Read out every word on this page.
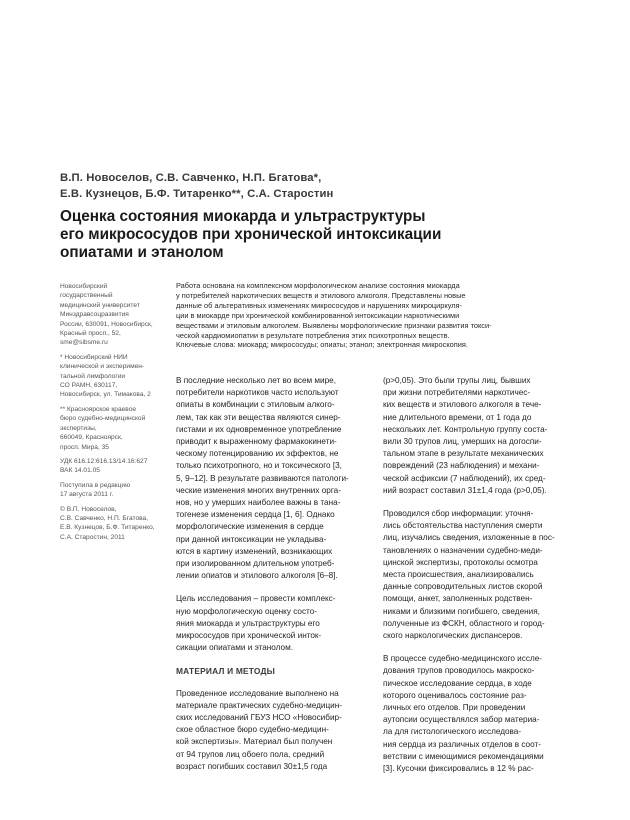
В.П. Новоселов, С.В. Савченко, Н.П. Бгатова*,
Е.В. Кузнецов, Б.Ф. Титаренко**, С.А. Старостин
Оценка состояния миокарда и ультраструктуры
его микрососудов при хронической интоксикации
опиатами и этанолом
Новосибирский
государственный
медицинский университет
Минздравсоцразвития
России, 630091, Новосибирск,
Красный просп., 52,
sme@sibsme.ru
* Новосибирский НИИ
клинической и эксперимен-
тальной лимфологии
СО РАМН, 630117,
Новосибирск, ул. Тимакова, 2
** Красноярское краевое
бюро судебно-медицинской
экспертизы,
660049, Красноярск,
просп. Мира, 35
УДК 616.12:616.13/14.16:627
ВАК 14.01.05
Поступила в редакцию
17 августа 2011 г.
© В.П. Новоселов,
С.В. Савченко, Н.П. Бгатова,
Е.В. Кузнецов, Б.Ф. Титаренко,
С.А. Старостин, 2011
Работа основана на комплексном морфологическом анализе состояния миокарда
у потребителей наркотических веществ и этилового алкоголя. Представлены новые
данные об альтеративных изменениях микрососудов и нарушениях микроциркуля-
ции в миокарде при хронической комбинированной интоксикации наркотическими
веществами и этиловым алкоголем. Выявлены морфологические признаки развития токси-
ческой кардиомиопатии в результате потребления этих психотропных веществ.
Ключевые слова: миокард; микрососуды; опиаты; этанол; электронная микроскопия.
В последние несколько лет во всем мире,
потребители наркотиков часто используют
опиаты в комбинации с этиловым алкого-
лем, так как эти вещества являются синер-
гистами и их одновременное употребление
приводит к выраженному фармакокинети-
ческому потенцированию их эффектов, не
только психотропного, но и токсического [3,
5, 9–12]. В результате развиваются патологи-
ческие изменения многих внутренних орга-
нов, но у умерших наиболее важны в тана-
тогенезе изменения сердца [1, 6]. Однако
морфологические изменения в сердце
при данной интоксикации не укладыва-
ются в картину изменений, возникающих
при изолированном длительном употреб-
лении опиатов и этилового алкоголя [6–8].
Цель исследования – провести комплекс-
ную морфологическую оценку состо-
яния миокарда и ультраструктуры его
микрососудов при хронической инток-
сикации опиатами и этанолом.
МАТЕРИАЛ И МЕТОДЫ
Проведенное исследование выполнено на
материале практических судебно-медицин-
ских исследований ГБУЗ НСО «Новосибир-
ское областное бюро судебно-медицин-
кой экспертизы». Материал был получен
от 94 трупов лиц обоего пола, средний
возраст погибших составил 30±1,5 года
(p>0,05). Это были трупы лиц, бывших
при жизни потребителями наркотичес-
ких веществ и этилового алкоголя в тече-
ние длительного времени, от 1 года до
нескольких лет. Контрольную группу соста-
вили 30 трупов лиц, умерших на догоспи-
тальном этапе в результате механических
повреждений (23 наблюдения) и механи-
ческой асфиксии (7 наблюдений), их сред-
ний возраст составил 31±1,4 года (p>0,05).
Проводился сбор информации: уточня-
лись обстоятельства наступления смерти
лиц, изучались сведения, изложенные в пос-
тановлениях о назначении судебно-меди-
цинской экспертизы, протоколы осмотра
места происшествия, анализировались
данные сопроводительных листов скорой
помощи, анкет, заполненных родствен-
никами и близкими погибшего, сведения,
полученные из ФСКН, областного и город-
ского наркологических диспансеров.
В процессе судебно-медицинского иссле-
дования трупов проводилось макроско-
пическое исследование сердца, в ходе
которого оценивалось состояние раз-
личных его отделов. При проведении
аутопсии осуществлялся забор материа-
ла для гистологического исследова-
ния сердца из различных отделов в соот-
ветствии с имеющимися рекомендациями
[3]. Кусочки фиксировались в 12 % рас-
